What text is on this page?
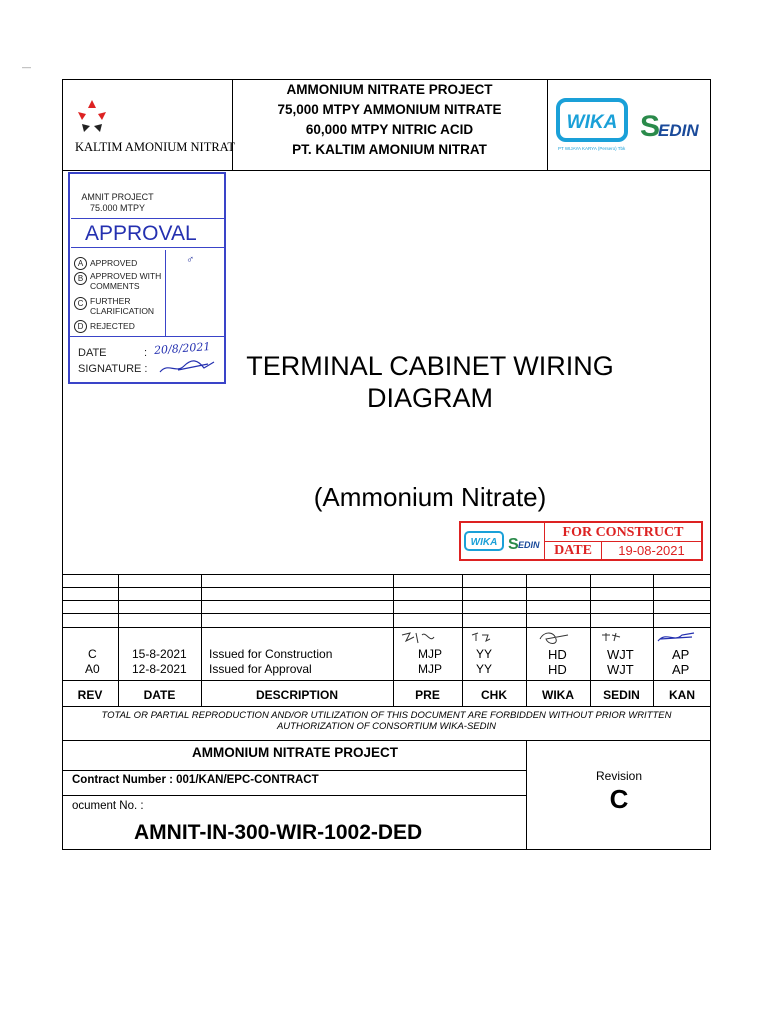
—
KALTIM AMONIUM NITRAT
AMMONIUM NITRATE PROJECT
75,000 MTPY AMMONIUM NITRATE
60,000 MTPY NITRIC ACID
PT. KALTIM AMONIUM NITRAT
WIKA
PT WIJAYA KARYA (Persero) Tbk
S
EDIN
SEDIN
AMNIT PROJECT
75.000 MTPY
APPROVAL
A APPROVED
B APPROVED WITH COMMENTS
C FURTHER CLARIFICATION
D REJECTED
♂
DATE	: 20/8/2021
SIGNATURE :	TERMINAL CABINET WIRING
DIAGRAM
(Ammonium Nitrate)
WIKA S EDIN
FOR CONSTRUCT
DATE	19-08-2021
C	15-8-2021 Issued for Construction	MJP	YY	HD	WJT	AP
A0	12-8-2021 Issued for Approval	MJP	YY	HD	WJT	AP
REV	DATE	DESCRIPTION	PRE	CHK	WIKA	SEDIN	KAN
TOTAL OR PARTIAL REPRODUCTION AND/OR UTILIZATION OF THIS DOCUMENT ARE FORBIDDEN WITHOUT PRIOR WRITTEN
AUTHORIZATION OF CONSORTIUM WIKA-SEDIN
AMMONIUM NITRATE PROJECT
Contract Number : 001/KAN/EPC-CONTRACT
ocument No. :
AMNIT-IN-300-WIR-1002-DED
Revision
C
